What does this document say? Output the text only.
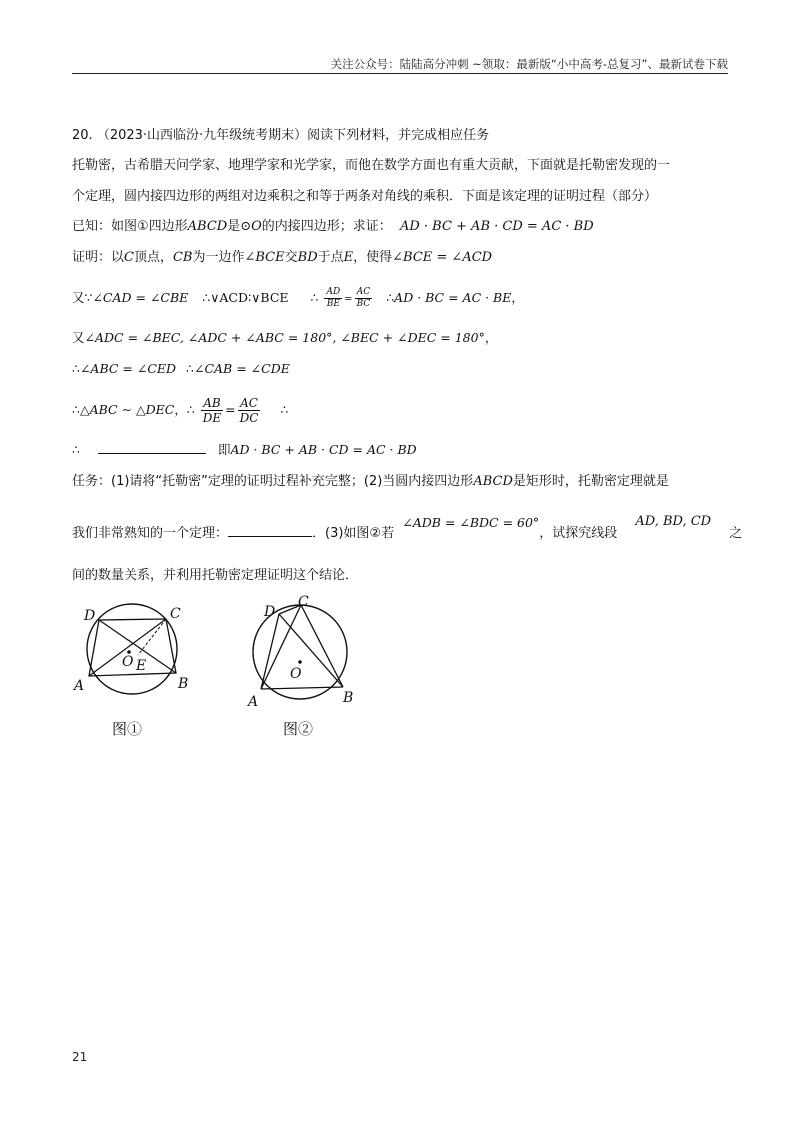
关注公众号：陆陆高分冲刺 ~领取：最新版“小中高考-总复习”、最新试卷下载
20. （2023·山西临汾·九年级统考期末）阅读下列材料，并完成相应任务
托勒密，古希腊天问学家、地理学家和光学家，而他在数学方面也有重大贡献，下面就是托勒密发现的一
个定理，圆内接四边形的两组对边乘积之和等于两条对角线的乘积．下面是该定理的证明过程（部分）
已知：如图①四边形ABCD是⊙O的内接四边形；求证： AD · BC + AB · CD = AC · BD
证明：以C顶点，CB为一边作∠BCE交BD于点E，使得∠BCE = ∠ACD
又∵∠CAD = ∠CBE ∴∨ACD∶∨BCE ∴ $\frac{AD}{BE} = \frac{AC}{BC}$ ∴AD · BC = AC · BE，
又∠ADC = ∠BEC, ∠ADC + ∠ABC = 180°, ∠BEC + ∠DEC = 180°，
∴∠ABC = ∠CED ∴∠CAB = ∠CDE
∴△ABC ∼ △DEC，∴ $\frac{AB}{DE} = \frac{AC}{DC}$ ∴
∴	即AD · BC + AB · CD = AC · BD
任务：(1)请将“托勒密”定理的证明过程补充完整；(2)当圆内接四边形ABCD是矩形时，托勒密定理就是
我们非常熟知的一个定理：	．(3)如图②若 ∠ADB = ∠BDC = 60°，试探究线段 AD, BD, CD 之
间的数量关系，并利用托勒密定理证明这个结论．
D	C
O E
A	B
图①
D
C
O
A	B
图②
21
